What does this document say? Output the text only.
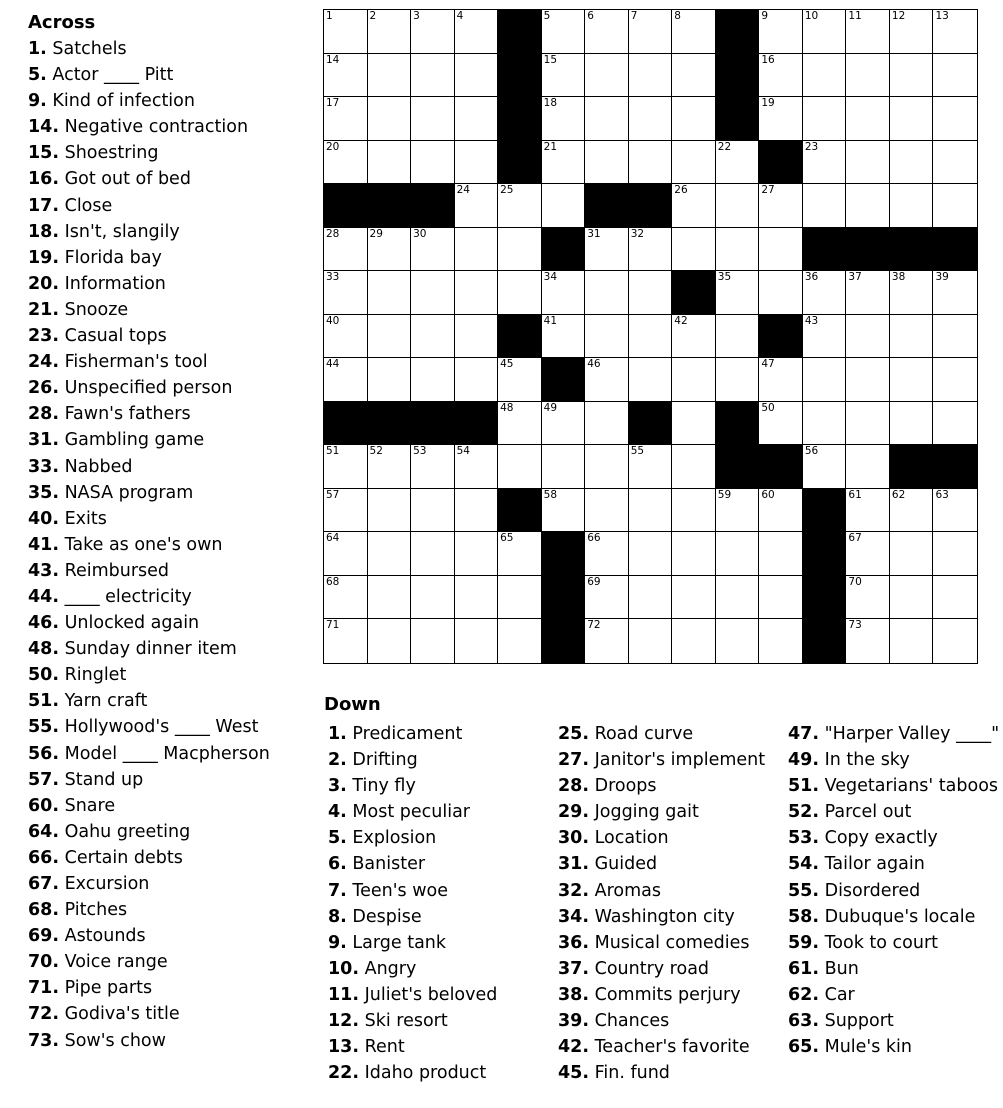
Across
1. Satchels
5. Actor ____ Pitt
9. Kind of infection
14. Negative contraction
15. Shoestring
16. Got out of bed
17. Close
18. Isn't, slangily
19. Florida bay
20. Information
21. Snooze
23. Casual tops
24. Fisherman's tool
26. Unspecified person
28. Fawn's fathers
31. Gambling game
33. Nabbed
35. NASA program
40. Exits
41. Take as one's own
43. Reimbursed
44. ____ electricity
46. Unlocked again
48. Sunday dinner item
50. Ringlet
51. Yarn craft
55. Hollywood's ____ West
56. Model ____ Macpherson
57. Stand up
60. Snare
64. Oahu greeting
66. Certain debts
67. Excursion
68. Pitches
69. Astounds
70. Voice range
71. Pipe parts
72. Godiva's title
73. Sow's chow
1	2	3	4	5	6	7	8	9	10	11	12	13
14	15	16
17	18	19
20	21	22	23
24	25	26	27
28	29	30	31	32
33	34	35	36	37	38	39
40	41	42	43
44	45	46	47
48	49	50
51	52	53	54	55	56
57	58	59	60	61	62	63
64	65	66	67
68	69	70
71	72	73
Down
1. Predicament
2. Drifting
3. Tiny fly
4. Most peculiar
5. Explosion
6. Banister
7. Teen's woe
8. Despise
9. Large tank
10. Angry
11. Juliet's beloved
12. Ski resort
13. Rent
22. Idaho product
25. Road curve
27. Janitor's implement
28. Droops
29. Jogging gait
30. Location
31. Guided
32. Aromas
34. Washington city
36. Musical comedies
37. Country road
38. Commits perjury
39. Chances
42. Teacher's favorite
45. Fin. fund
47. "Harper Valley ____"
49. In the sky
51. Vegetarians' taboos
52. Parcel out
53. Copy exactly
54. Tailor again
55. Disordered
58. Dubuque's locale
59. Took to court
61. Bun
62. Car
63. Support
65. Mule's kin
